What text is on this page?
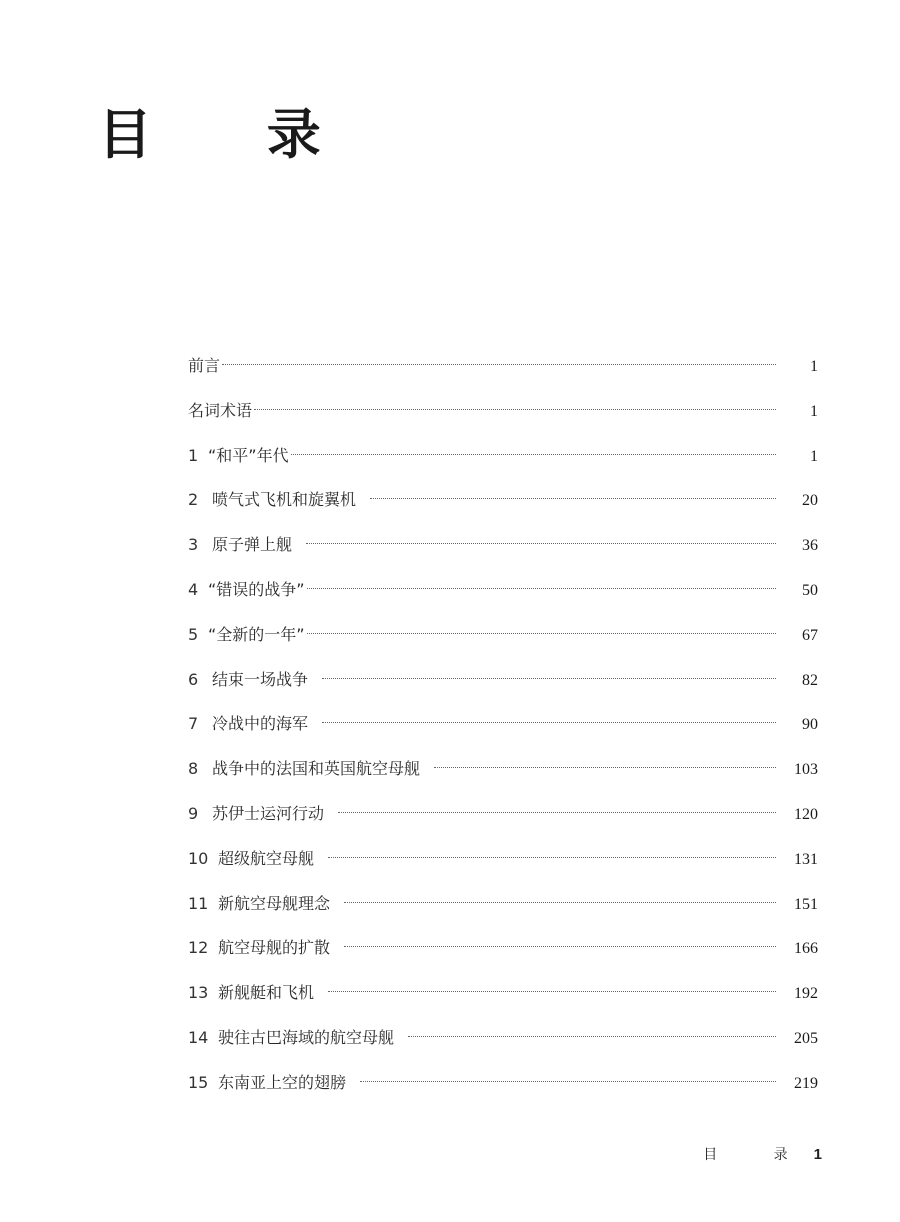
目 录
前言	1
名词术语	1
1 “和平”年代	1
2 喷气式飞机和旋翼机	20
3 原子弹上舰	36
4 “错误的战争”	50
5 “全新的一年”	67
6 结束一场战争	82
7 冷战中的海军	90
8 战争中的法国和英国航空母舰	103
9 苏伊士运河行动	120
10 超级航空母舰	131
11 新航空母舰理念	151
12 航空母舰的扩散	166
13 新舰艇和飞机	192
14 驶往古巴海域的航空母舰	205
15 东南亚上空的翅膀	219
目 录 1
